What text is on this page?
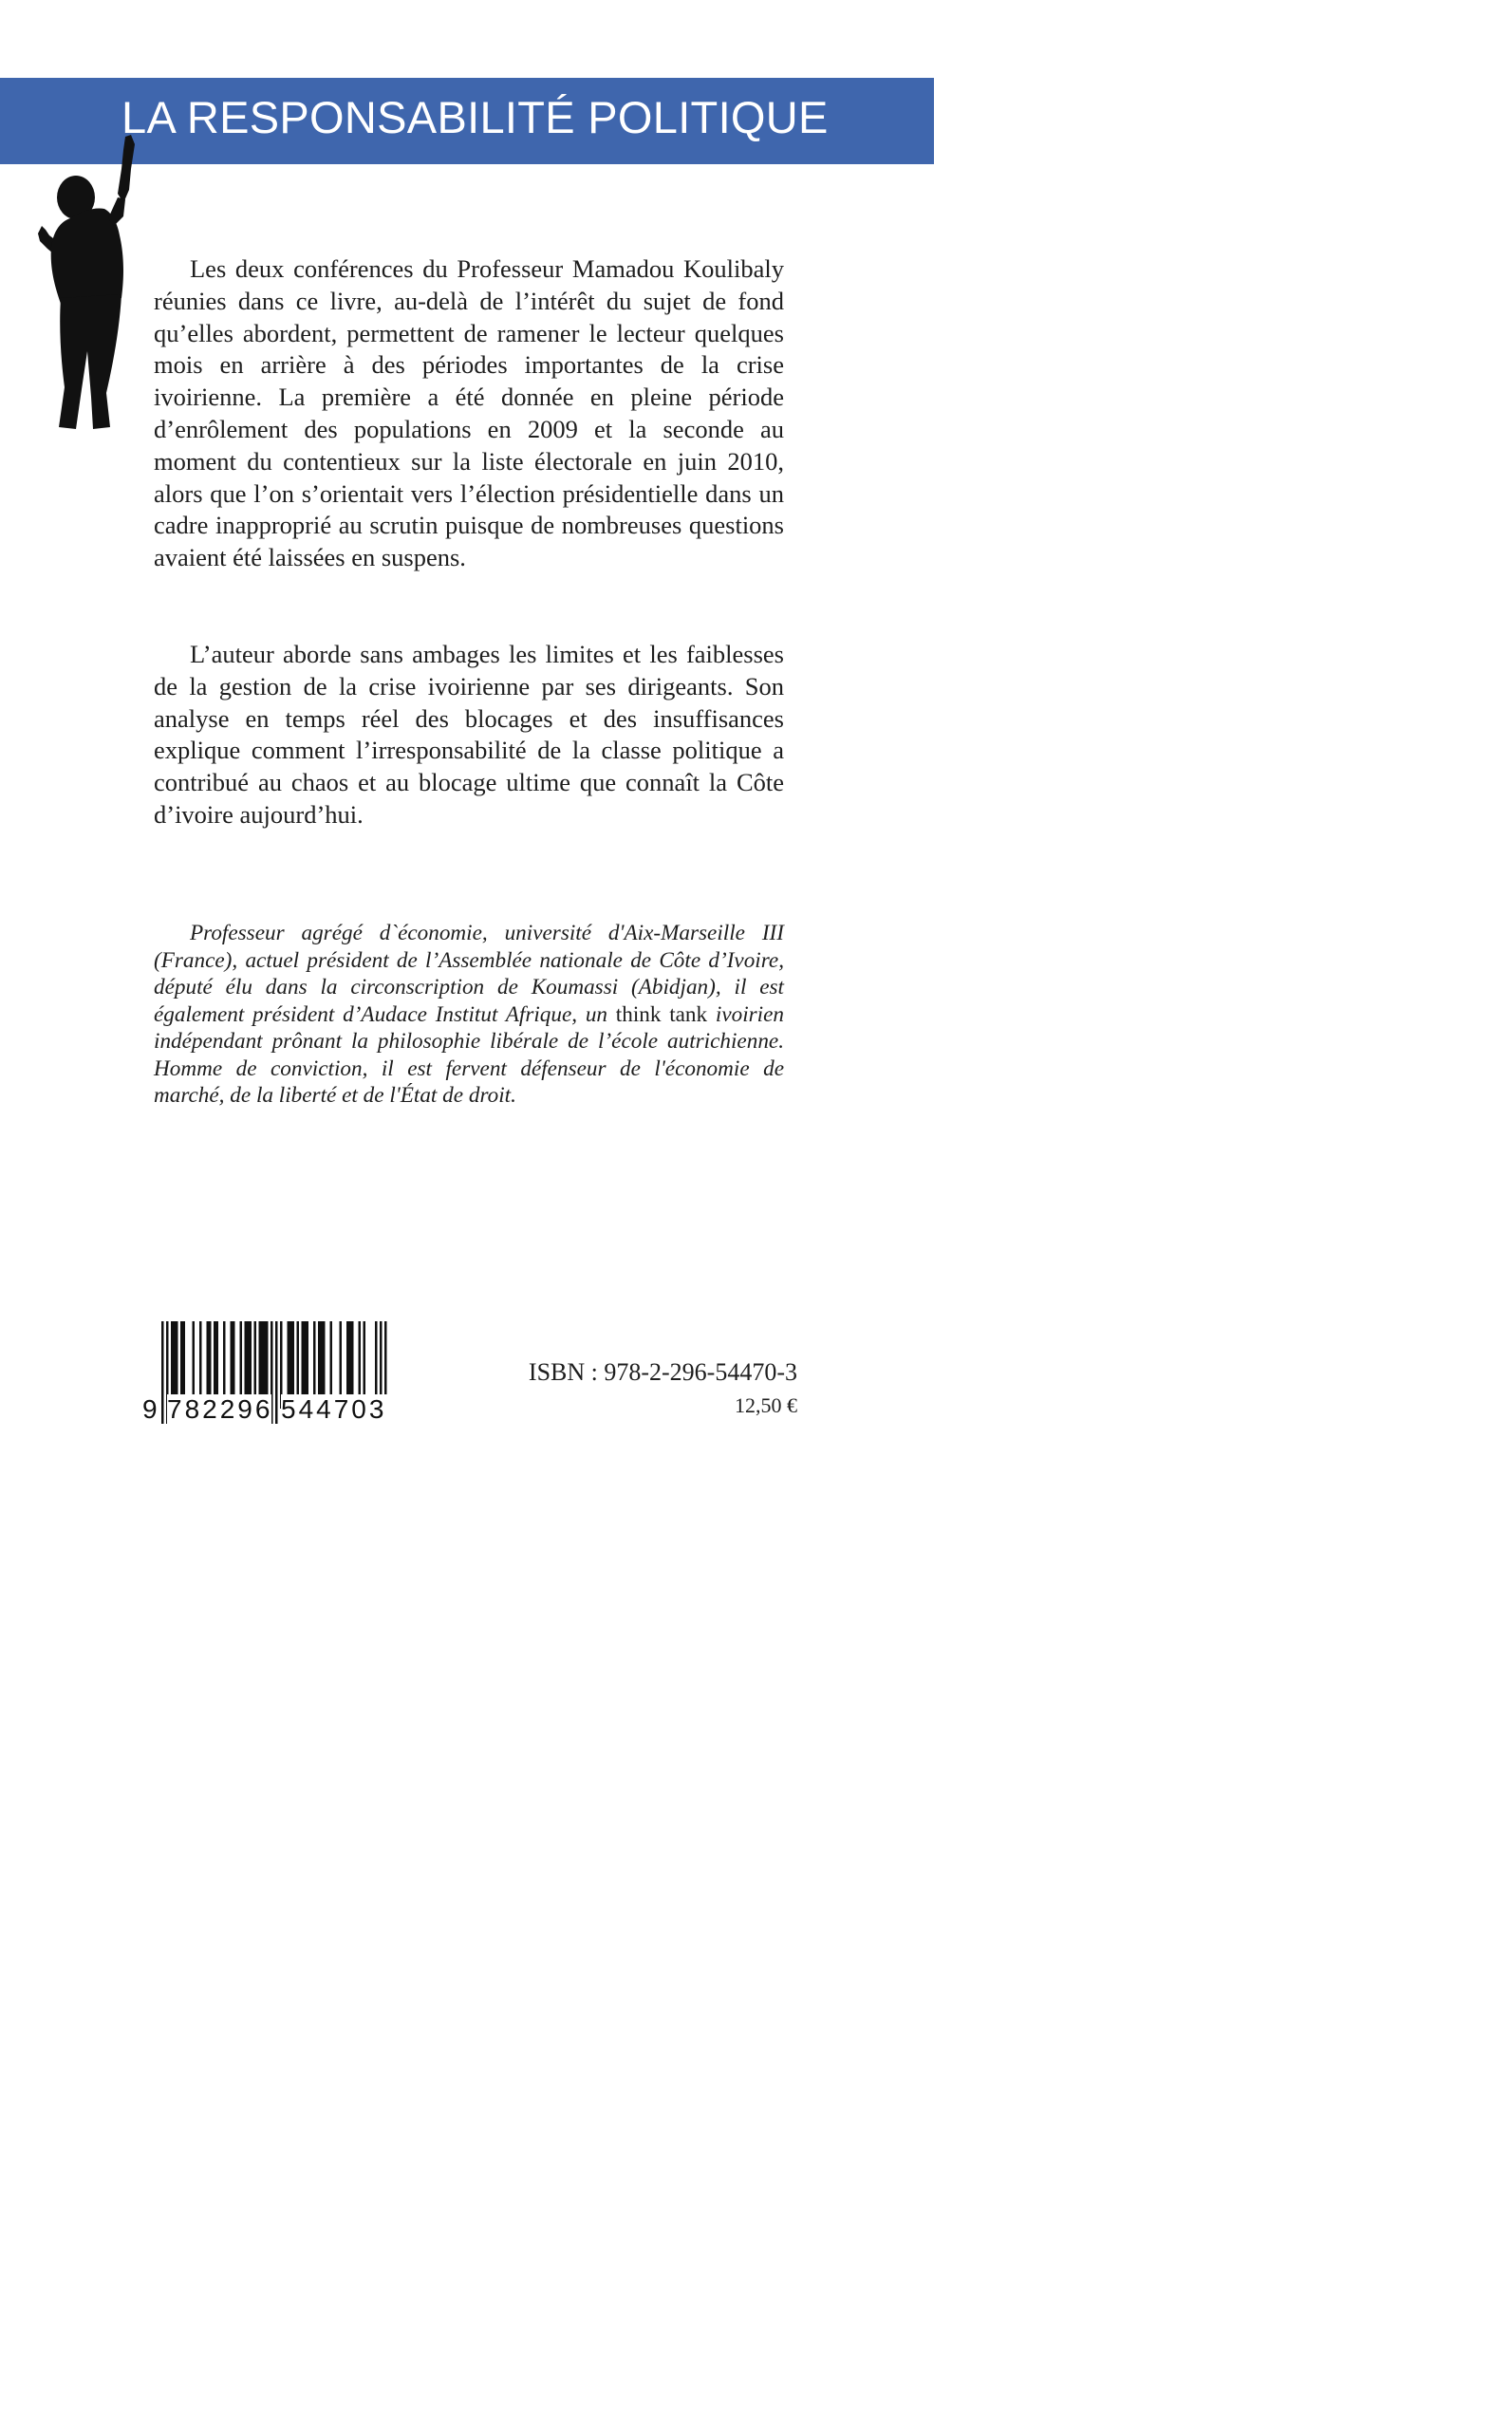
LA RESPONSABILITÉ POLITIQUE

Les deux conférences du Professeur Mamadou Koulibaly réunies dans ce livre, au-delà de l’intérêt du sujet de fond qu’elles abordent, permettent de ramener le lecteur quelques mois en arrière à des périodes importantes de la crise ivoirienne. La première a été donnée en pleine période d’enrôlement des populations en 2009 et la seconde au moment du contentieux sur la liste électorale en juin 2010, alors que l’on s’orientait vers l’élection présidentielle dans un cadre inapproprié au scrutin puisque de nombreuses questions avaient été laissées en suspens.

L’auteur aborde sans ambages les limites et les faiblesses de la gestion de la crise ivoirienne par ses dirigeants. Son analyse en temps réel des blocages et des insuffisances explique comment l’irresponsabilité de la classe politique a contribué au chaos et au blocage ultime que connaît la Côte d’ivoire aujourd’hui.

Professeur agrégé d`économie, université d'Aix-Marseille III (France), actuel président de l’Assemblée nationale de Côte d’Ivoire, député élu dans la circonscription de Koumassi (Abidjan), il est également président d’Audace Institut Afrique, un think tank ivoirien indépendant prônant la philosophie libérale de l’école autrichienne. Homme de conviction, il est fervent défenseur de l'économie de marché, de la liberté et de l'État de droit.

9 782296 544703
ISBN : 978-2-296-54470-3
12,50 €
